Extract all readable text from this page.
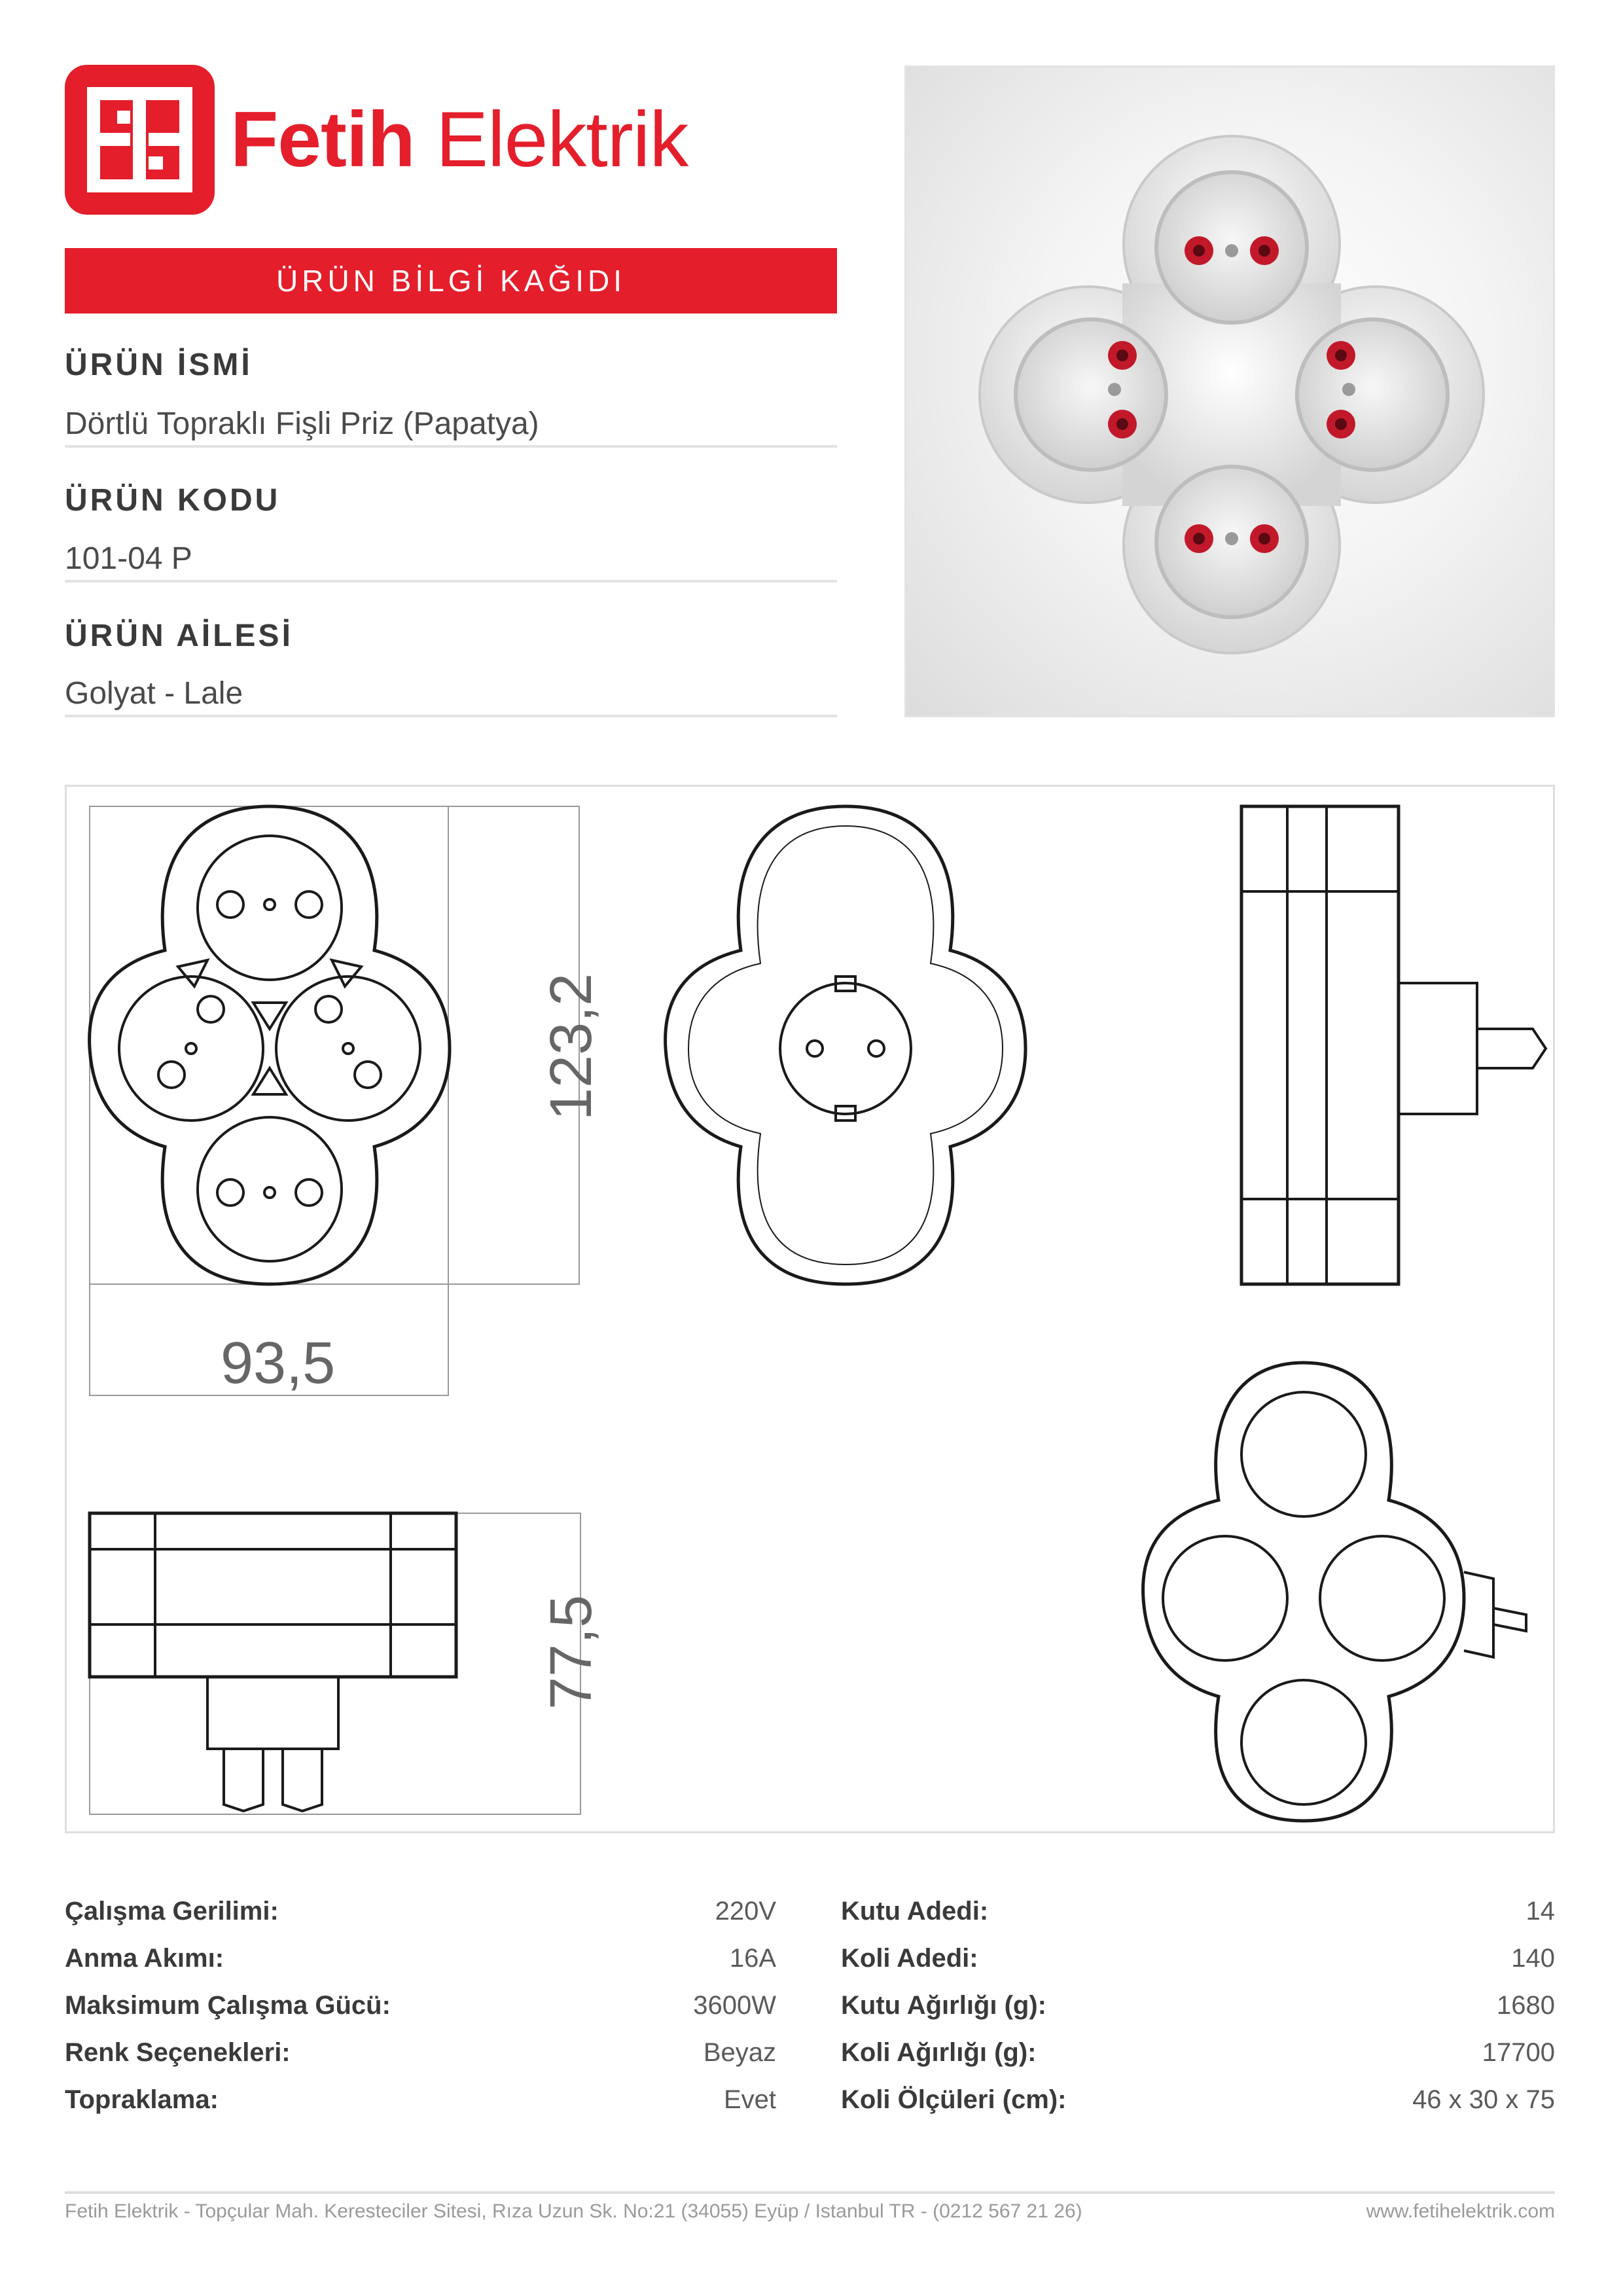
Fetih Elektrik
ÜRÜN BİLGİ KAĞIDI
ÜRÜN İSMİ
Dörtlü Topraklı Fişli Priz (Papatya)
ÜRÜN KODU
101-04 P
ÜRÜN AİLESİ
Golyat - Lale
123,2
93,5
77,5
Çalışma Gerilimi:	220V
Anma Akımı:	16A
Maksimum Çalışma Gücü:	3600W
Renk Seçenekleri:	Beyaz
Topraklama:	Evet
Kutu Adedi:	14
Koli Adedi:	140
Kutu Ağırlığı (g):	1680
Koli Ağırlığı (g):	17700
Koli Ölçüleri (cm):	46 x 30 x 75
Fetih Elektrik - Topçular Mah. Keresteciler Sitesi, Rıza Uzun Sk. No:21 (34055) Eyüp / Istanbul TR - (0212 567 21 26)	www.fetihelektrik.com
